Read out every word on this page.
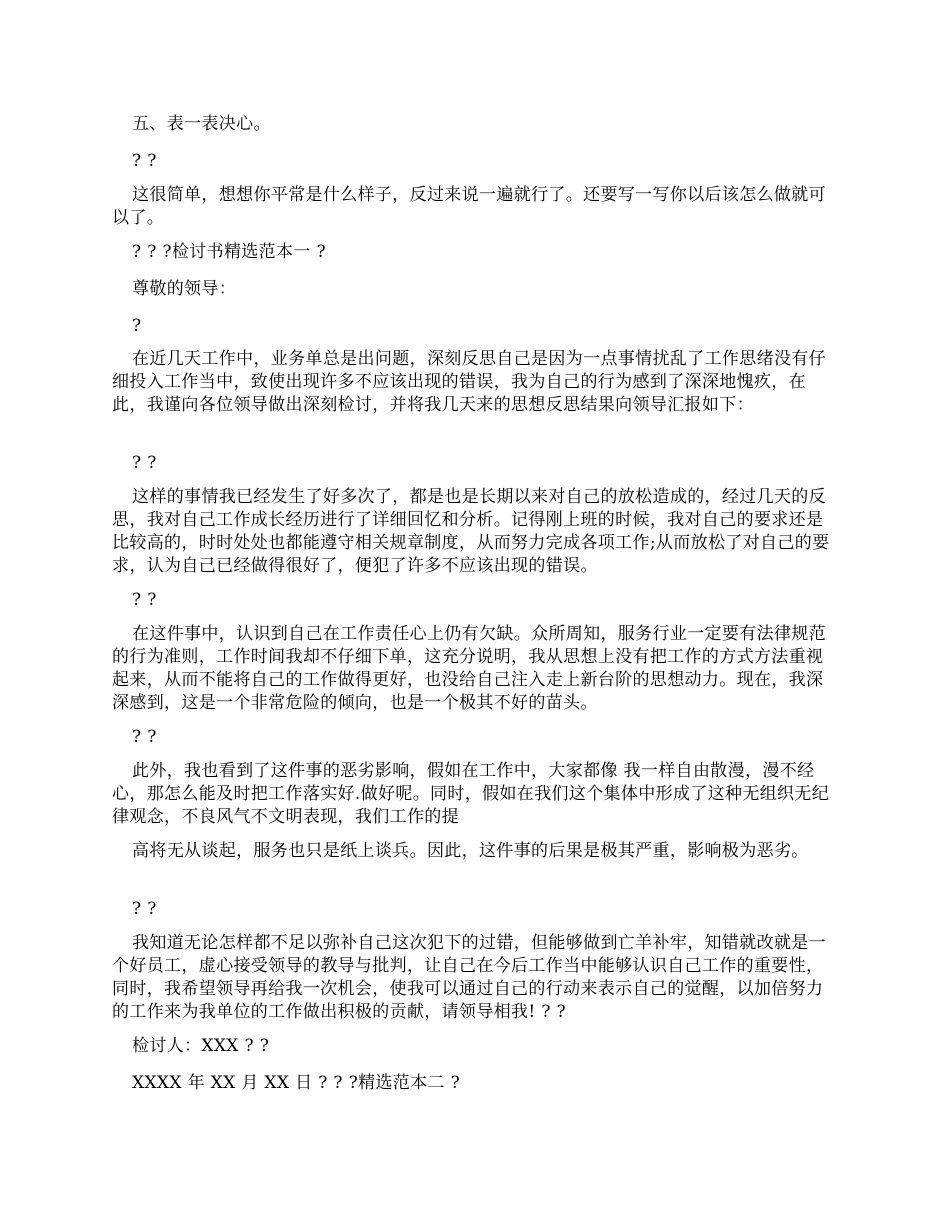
五、表一表决心。

? ?

这很简单，想想你平常是什么样子，反过来说一遍就行了。还要写一写你以后该怎么做就可以了。

? ? ?检讨书精选范本一 ?

尊敬的领导：

?

在近几天工作中，业务单总是出问题，深刻反思自己是因为一点事情扰乱了工作思绪没有仔细投入工作当中，致使出现许多不应该出现的错误，我为自己的行为感到了深深地愧疚，在此，我谨向各位领导做出深刻检讨，并将我几天来的思想反思结果向领导汇报如下：

? ?

这样的事情我已经发生了好多次了，都是也是长期以来对自己的放松造成的，经过几天的反思，我对自己工作成长经历进行了详细回忆和分析。记得刚上班的时候，我对自己的要求还是比较高的，时时处处也都能遵守相关规章制度，从而努力完成各项工作;从而放松了对自己的要求，认为自己已经做得很好了，便犯了许多不应该出现的错误。

? ?

在这件事中，认识到自己在工作责任心上仍有欠缺。众所周知，服务行业一定要有法律规范的行为准则，工作时间我却不仔细下单，这充分说明，我从思想上没有把工作的方式方法重视起来，从而不能将自己的工作做得更好，也没给自己注入走上新台阶的思想动力。现在，我深深感到，这是一个非常危险的倾向，也是一个极其不好的苗头。

? ?

此外，我也看到了这件事的恶劣影响，假如在工作中，大家都像 我一样自由散漫，漫不经心，那怎么能及时把工作落实好.做好呢。同时，假如在我们这个集体中形成了这种无组织无纪律观念，不良风气不文明表现，我们工作的提

高将无从谈起，服务也只是纸上谈兵。因此，这件事的后果是极其严重，影响极为恶劣。

? ?

我知道无论怎样都不足以弥补自己这次犯下的过错，但能够做到亡羊补牢，知错就改就是一个好员工，虚心接受领导的教导与批判，让自己在今后工作当中能够认识自己工作的重要性，同时，我希望领导再给我一次机会，使我可以通过自己的行动来表示自己的觉醒，以加倍努力的工作来为我单位的工作做出积极的贡献，请领导相我! ? ?

检讨人：XXX ? ?

XXXX 年 XX 月 XX 日 ? ? ?精选范本二 ?
